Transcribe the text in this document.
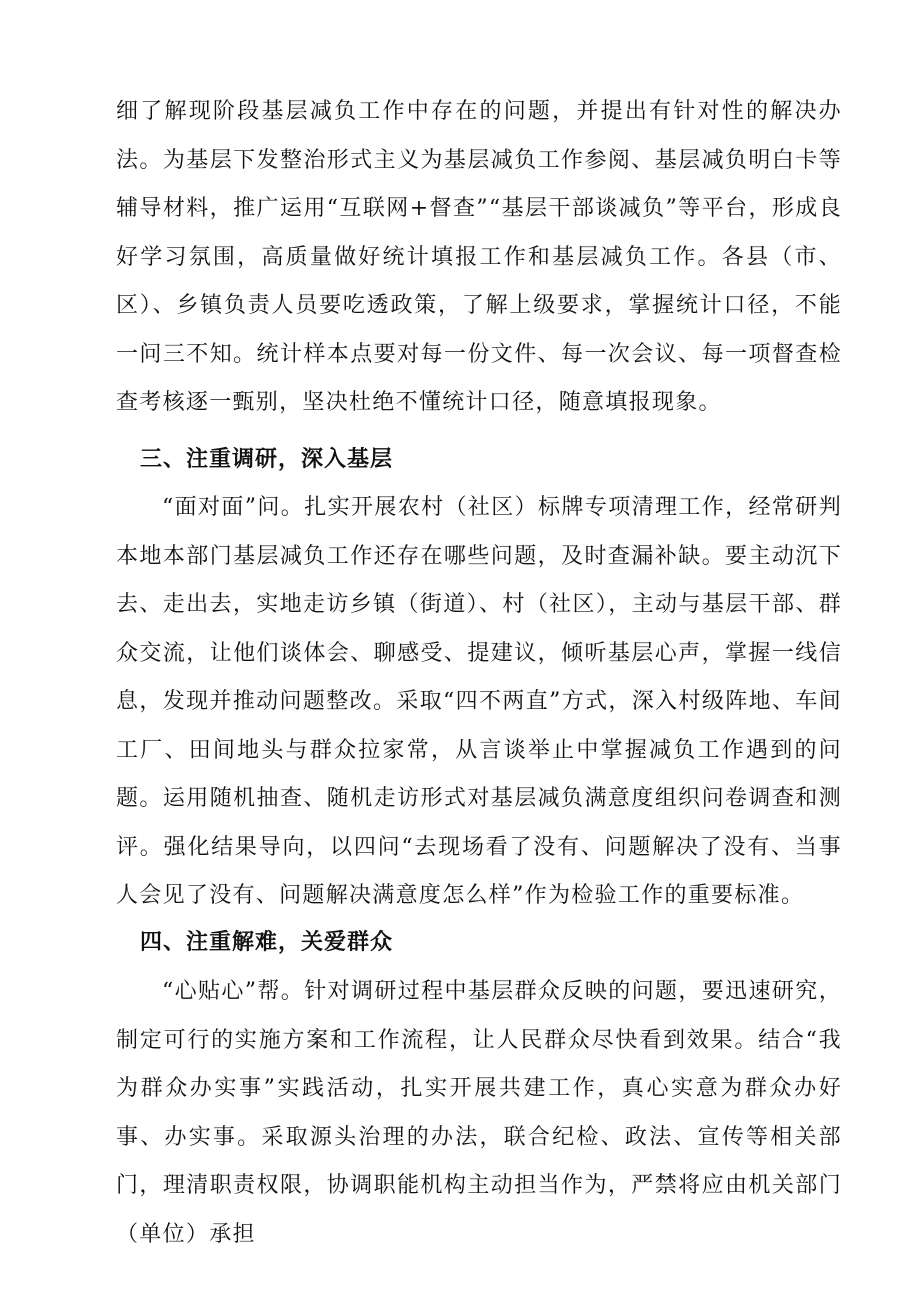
细了解现阶段基层减负工作中存在的问题，并提出有针对性的解决办法。为基层下发整治形式主义为基层减负工作参阅、基层减负明白卡等辅导材料，推广运用“互联网+督查”“基层干部谈减负”等平台，形成良好学习氛围，高质量做好统计填报工作和基层减负工作。各县（市、区）、乡镇负责人员要吃透政策，了解上级要求，掌握统计口径，不能一问三不知。统计样本点要对每一份文件、每一次会议、每一项督查检查考核逐一甄别，坚决杜绝不懂统计口径，随意填报现象。

三、注重调研，深入基层

“面对面”问。扎实开展农村（社区）标牌专项清理工作，经常研判本地本部门基层减负工作还存在哪些问题，及时查漏补缺。要主动沉下去、走出去，实地走访乡镇（街道）、村（社区），主动与基层干部、群众交流，让他们谈体会、聊感受、提建议，倾听基层心声，掌握一线信息，发现并推动问题整改。采取“四不两直”方式，深入村级阵地、车间工厂、田间地头与群众拉家常，从言谈举止中掌握减负工作遇到的问题。运用随机抽查、随机走访形式对基层减负满意度组织问卷调查和测评。强化结果导向，以四问“去现场看了没有、问题解决了没有、当事人会见了没有、问题解决满意度怎么样”作为检验工作的重要标准。

四、注重解难，关爱群众

“心贴心”帮。针对调研过程中基层群众反映的问题，要迅速研究，制定可行的实施方案和工作流程，让人民群众尽快看到效果。结合“我为群众办实事”实践活动，扎实开展共建工作，真心实意为群众办好事、办实事。采取源头治理的办法，联合纪检、政法、宣传等相关部门，理清职责权限，协调职能机构主动担当作为，严禁将应由机关部门（单位）承担
